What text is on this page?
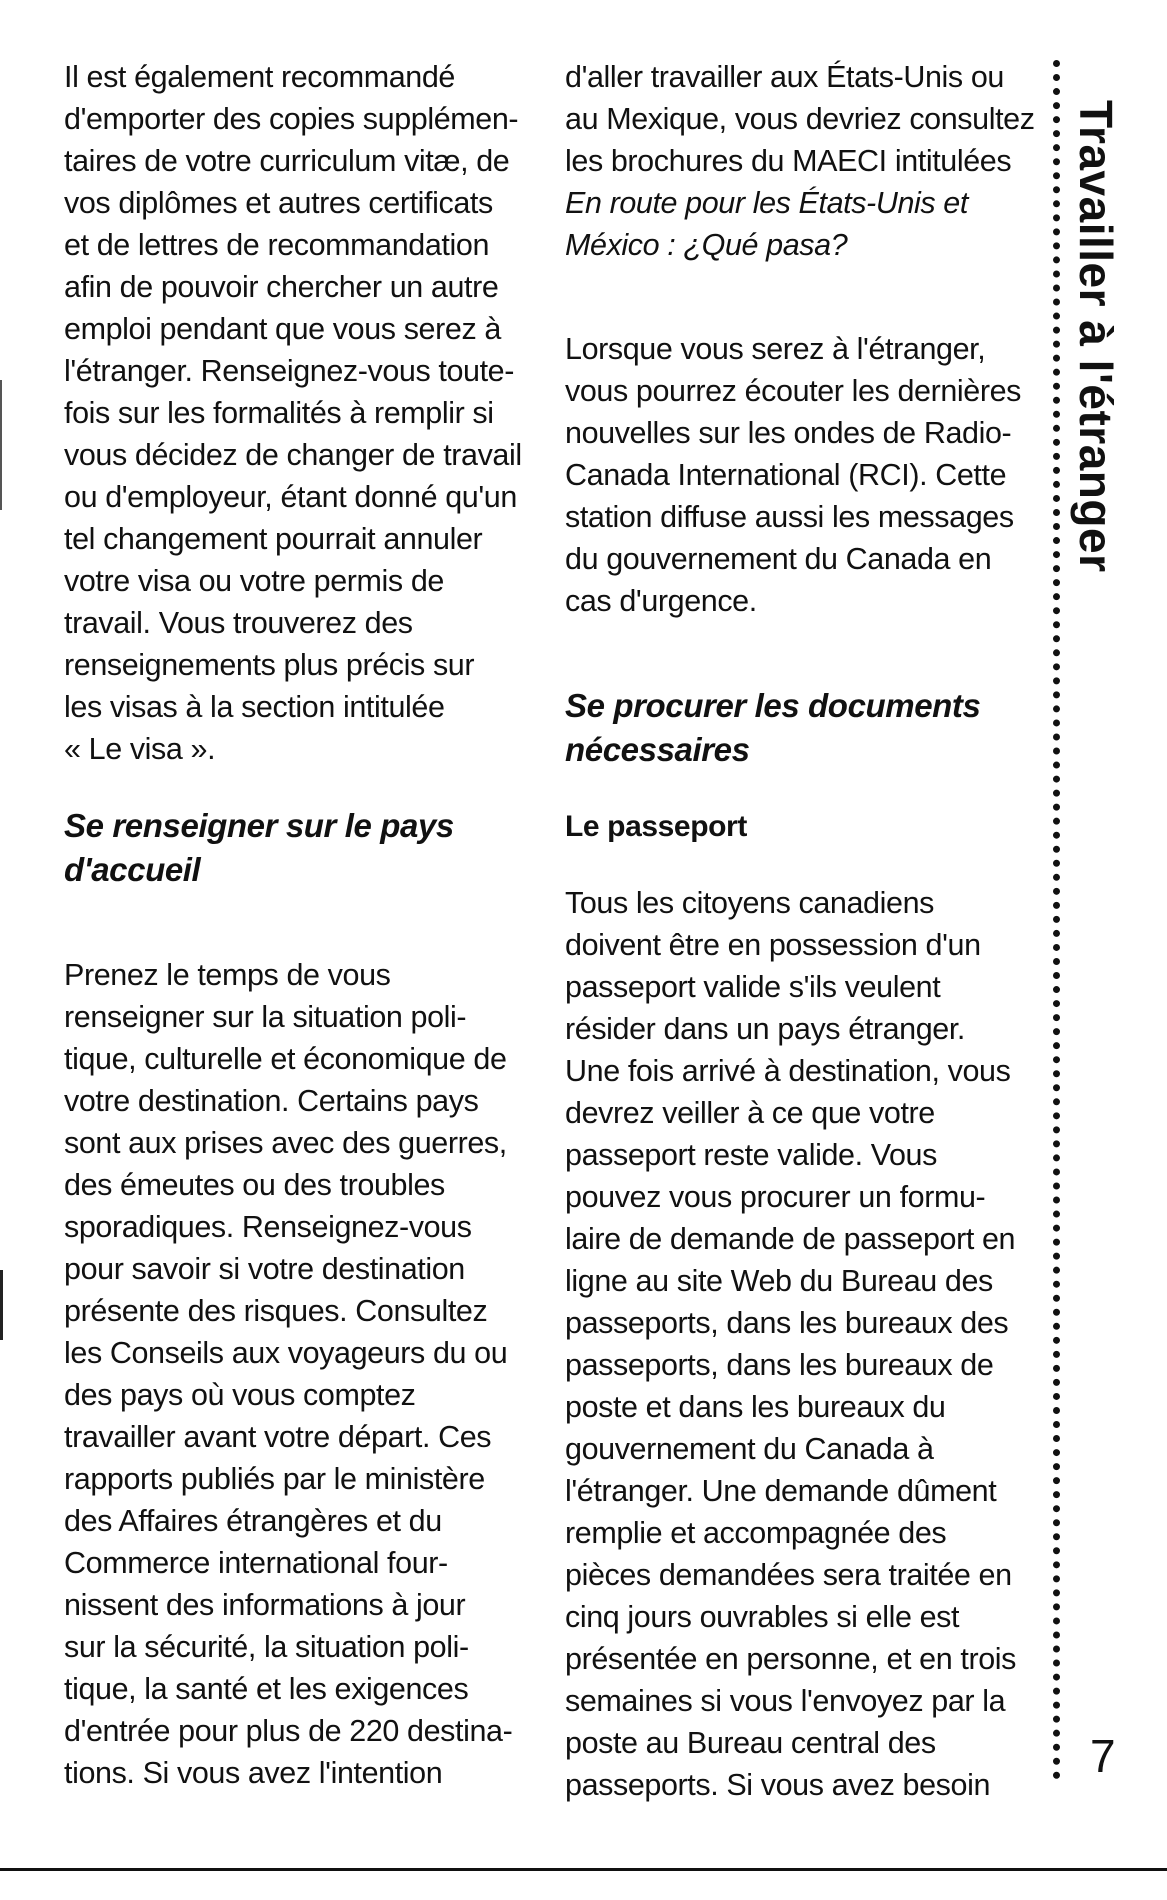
Il est également recommandé
d'emporter des copies supplémen-
taires de votre curriculum vitæ, de
vos diplômes et autres certificats
et de lettres de recommandation
afin de pouvoir chercher un autre
emploi pendant que vous serez à
l'étranger. Renseignez-vous toute-
fois sur les formalités à remplir si
vous décidez de changer de travail
ou d'employeur, étant donné qu'un
tel changement pourrait annuler
votre visa ou votre permis de
travail. Vous trouverez des
renseignements plus précis sur
les visas à la section intitulée
« Le visa ».
Se renseigner sur le pays
d'accueil
Prenez le temps de vous
renseigner sur la situation poli-
tique, culturelle et économique de
votre destination. Certains pays
sont aux prises avec des guerres,
des émeutes ou des troubles
sporadiques. Renseignez-vous
pour savoir si votre destination
présente des risques. Consultez
les Conseils aux voyageurs du ou
des pays où vous comptez
travailler avant votre départ. Ces
rapports publiés par le ministère
des Affaires étrangères et du
Commerce international four-
nissent des informations à jour
sur la sécurité, la situation poli-
tique, la santé et les exigences
d'entrée pour plus de 220 destina-
tions. Si vous avez l'intention
d'aller travailler aux États-Unis ou
au Mexique, vous devriez consultez
les brochures du MAECI intitulées
En route pour les États-Unis et
México : ¿Qué pasa?
Lorsque vous serez à l'étranger,
vous pourrez écouter les dernières
nouvelles sur les ondes de Radio-
Canada International (RCI). Cette
station diffuse aussi les messages
du gouvernement du Canada en
cas d'urgence.
Se procurer les documents
nécessaires
Le passeport
Tous les citoyens canadiens
doivent être en possession d'un
passeport valide s'ils veulent
résider dans un pays étranger.
Une fois arrivé à destination, vous
devrez veiller à ce que votre
passeport reste valide. Vous
pouvez vous procurer un formu-
laire de demande de passeport en
ligne au site Web du Bureau des
passeports, dans les bureaux des
passeports, dans les bureaux de
poste et dans les bureaux du
gouvernement du Canada à
l'étranger. Une demande dûment
remplie et accompagnée des
pièces demandées sera traitée en
cinq jours ouvrables si elle est
présentée en personne, et en trois
semaines si vous l'envoyez par la
poste au Bureau central des
passeports. Si vous avez besoin
Travailler à l'étranger
7
